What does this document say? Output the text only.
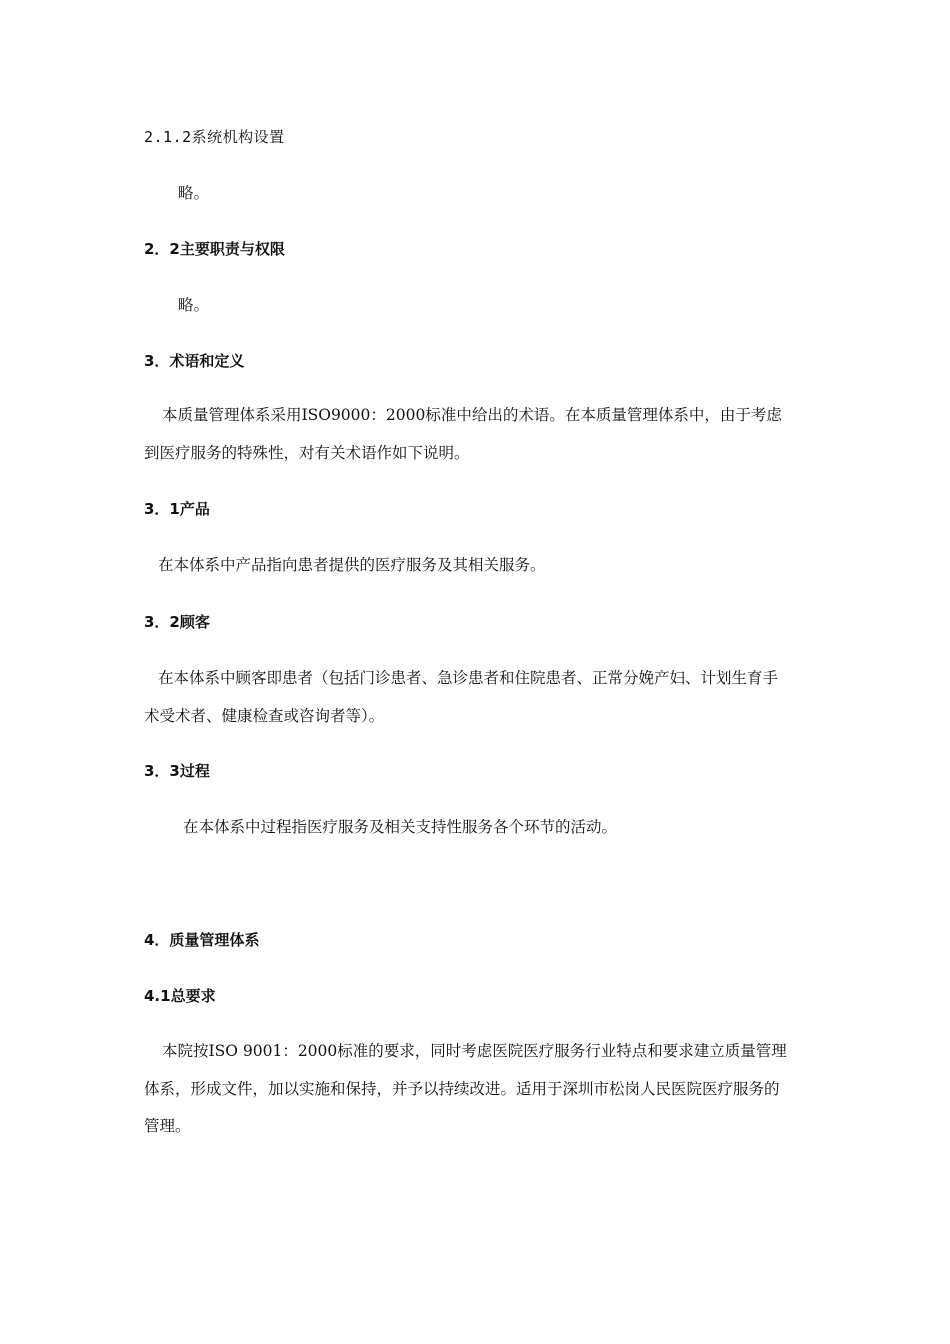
2.1.2系统机构设置
略。
2．2主要职责与权限
略。
3．术语和定义
本质量管理体系采用ISO9000：2000标准中给出的术语。在本质量管理体系中，由于考虑
到医疗服务的特殊性，对有关术语作如下说明。
3．1产品
在本体系中产品指向患者提供的医疗服务及其相关服务。
3．2顾客
在本体系中顾客即患者（包括门诊患者、急诊患者和住院患者、正常分娩产妇、计划生育手
术受术者、健康检查或咨询者等）。
3．3过程
在本体系中过程指医疗服务及相关支持性服务各个环节的活动。
4．质量管理体系
4.1总要求
本院按ISO 9001：2000标准的要求，同时考虑医院医疗服务行业特点和要求建立质量管理
体系，形成文件，加以实施和保持，并予以持续改进。适用于深圳市松岗人民医院医疗服务的
管理。
